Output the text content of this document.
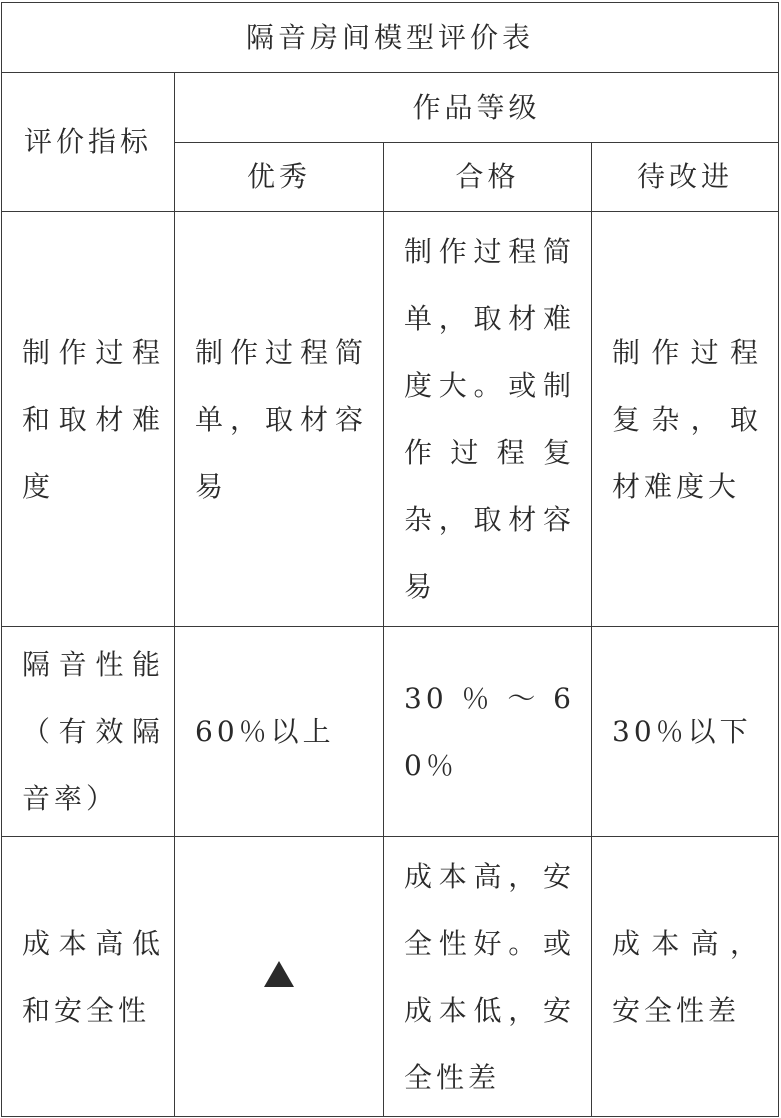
隔音房间模型评价表			
评价指标	作品等级		
	优秀	合格	待改进

制作过程和取材难度	制作过程简单，取材容易	制作过程简单，取材难度大。或制作过程复杂，取材容易	制作过程复杂，取材难度大

隔音性能（有效隔音率）	60％以上	30％～60％	30％以下

成本高低和安全性		成本高，安全性好。或成本低，安全性差	成本高，安全性差
